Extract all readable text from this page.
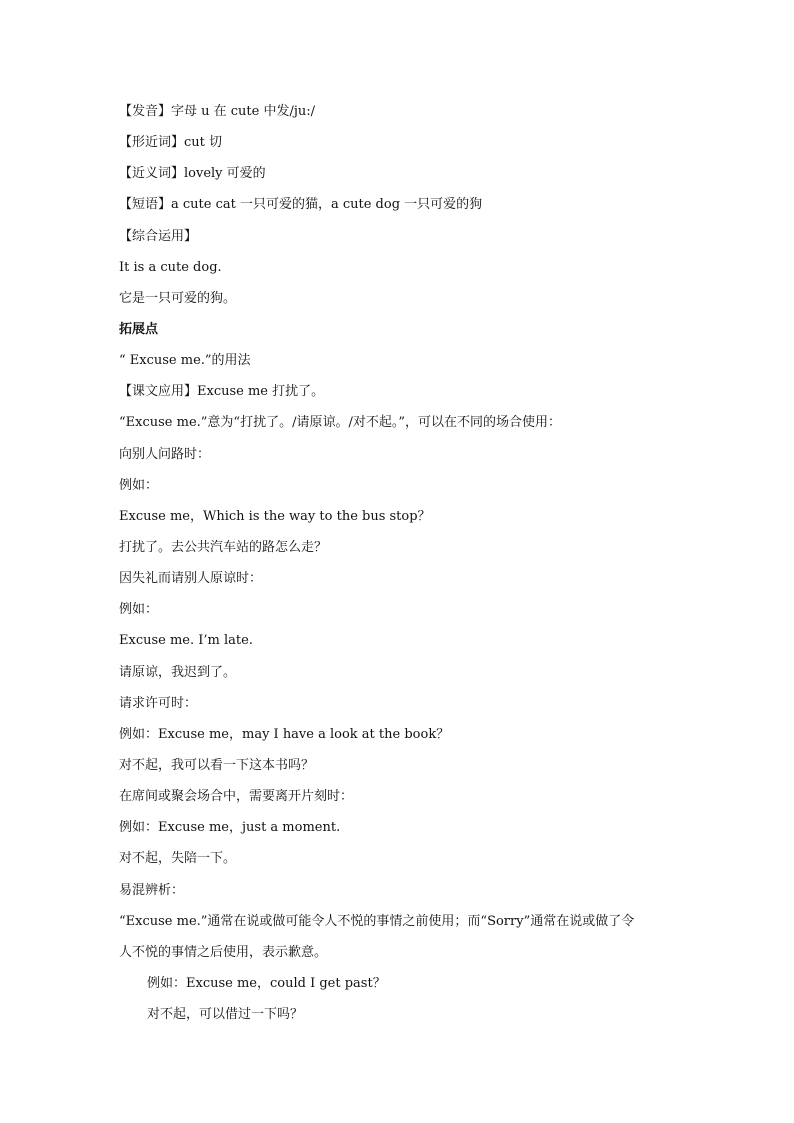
【发音】字母 u 在 cute 中发/ju:/
【形近词】cut 切
【近义词】lovely 可爱的
【短语】a cute cat 一只可爱的猫，a cute dog 一只可爱的狗
【综合运用】
It is a cute dog.
它是一只可爱的狗。
拓展点
“ Excuse me.”的用法
【课文应用】Excuse me 打扰了。
“Excuse me.”意为“打扰了。/请原谅。/对不起。”，可以在不同的场合使用：
向别人问路时：
例如：
Excuse me，Which is the way to the bus stop？
打扰了。去公共汽车站的路怎么走？
因失礼而请别人原谅时：
例如：
Excuse me. I’m late.
请原谅，我迟到了。
请求许可时：
例如：Excuse me，may I have a look at the book？
对不起，我可以看一下这本书吗？
在席间或聚会场合中，需要离开片刻时：
例如：Excuse me，just a moment.
对不起，失陪一下。
易混辨析：
“Excuse me.”通常在说或做可能令人不悦的事情之前使用；而“Sorry”通常在说或做了令
人不悦的事情之后使用，表示歉意。
例如：Excuse me，could I get past？
对不起，可以借过一下吗？
